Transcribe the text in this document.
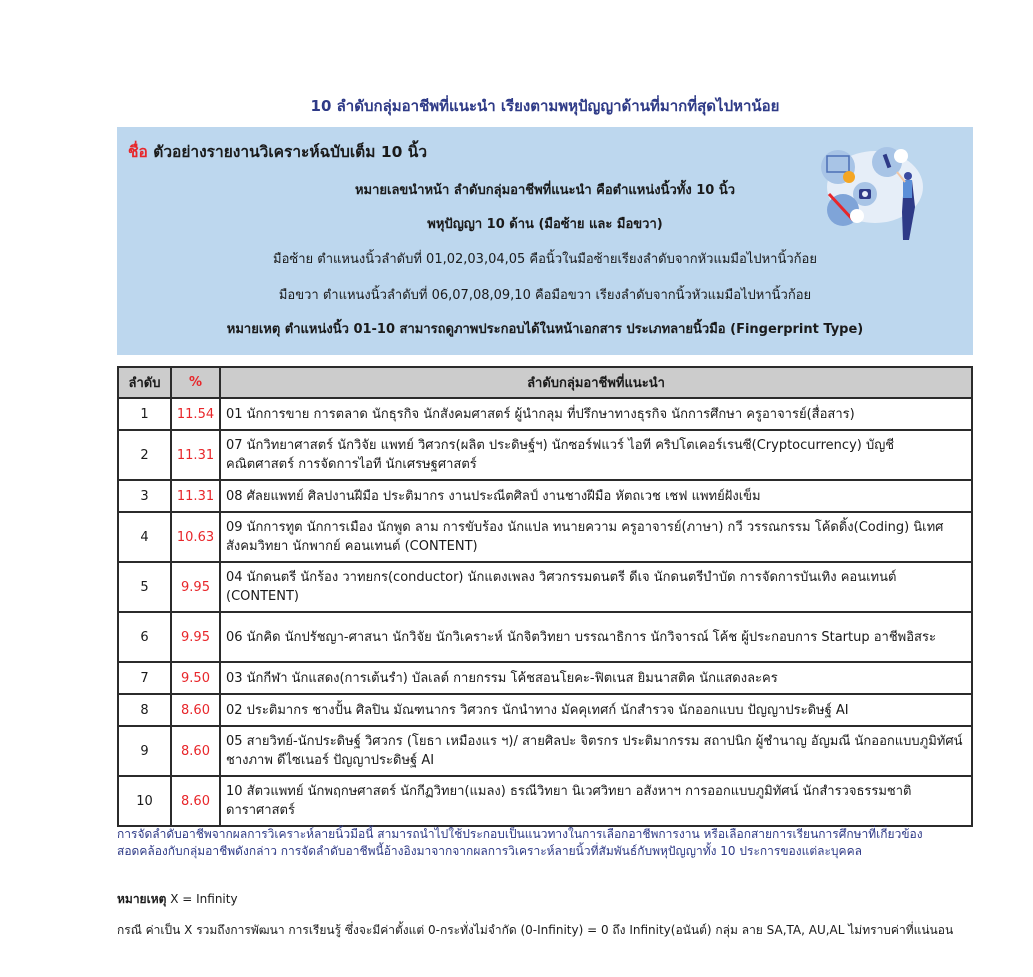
10 ลำดับกลุ่มอาชีพที่แนะนำ เรียงตามพหุปัญญาด้านที่มากที่สุดไปหาน้อย
ชื่อ ตัวอย่างรายงานวิเคราะห์ฉบับเต็ม 10 นิ้ว
หมายเลขนำหน้า ลำดับกลุ่มอาชีพที่แนะนำ คือตำแหน่งนิ้วทั้ง 10 นิ้ว
พหุปัญญา 10 ด้าน (มือซ้าย และ มือขวา)
มือซ้าย ตำแหนงนิ้วลำดับที่ 01,02,03,04,05 คือนิ้วในมือซ้ายเรียงลำดับจากหัวแมมือไปหานิ้วก้อย
มือขวา ตำแหนงนิ้วลำดับที่ 06,07,08,09,10 คือมือขวา เรียงลำดับจากนิ้วหัวแมมือไปหานิ้วก้อย
หมายเหตุ ตำแหน่งนิ้ว 01-10 สามารถดูภาพประกอบได้ในหน้าเอกสาร ประเภทลายนิ้วมือ (Fingerprint Type)
ลำดับ	%	ลำดับกลุ่มอาชีพที่แนะนำ
1	11.54	01 นักการขาย การตลาด นักธุรกิจ นักสังคมศาสตร์ ผู้นำกลุม ที่ปรึกษาทางธุรกิจ นักการศึกษา ครูอาจารย์(สื่อสาร)
2	11.31	07 นักวิทยาศาสตร์ นักวิจัย แพทย์ วิศวกร(ผลิต ประดิษฐ์ฯ) นักซอร์ฟแวร์ ไอที คริปโตเคอร์เรนซี(Cryptocurrency) บัญชี คณิตศาสตร์ การจัดการไอที นักเศรษฐศาสตร์
3	11.31	08 ศัลยแพทย์ ศิลปงานฝีมือ ประติมากร งานประณีตศิลป์ งานชางฝีมือ หัตถเวช เชฟ แพทย์ฝังเข็ม
4	10.63	09 นักการทูต นักการเมือง นักพูด ลาม การขับร้อง นักแปล ทนายความ ครูอาจารย์(ภาษา) กวี วรรณกรรม โค้ดดิ้ง(Coding) นิเทศ สังคมวิทยา นักพากย์ คอนเทนต์ (CONTENT)
5	9.95	04 นักดนตรี นักร้อง วาทยกร(conductor) นักแตงเพลง วิศวกรรมดนตรี ดีเจ นักดนตรีบำบัด การจัดการบันเทิง คอนเทนต์ (CONTENT)
6	9.95	06 นักคิด นักปรัชญา-ศาสนา นักวิจัย นักวิเคราะห์ นักจิตวิทยา บรรณาธิการ นักวิจารณ์ โค้ช ผู้ประกอบการ Startup อาชีพอิสระ
7	9.50	03 นักกีฬา นักแสดง(การเต้นรำ) บัลเลต์ กายกรรม โค้ชสอนโยคะ-ฟิตเนส ยิมนาสติค นักแสดงละคร
8	8.60	02 ประติมากร ชางปั้น ศิลปิน มัณฑนากร วิศวกร นักนำทาง มัคคุเทศก์ นักสำรวจ นักออกแบบ ปัญญาประดิษฐ์ AI
9	8.60	05 สายวิทย์-นักประดิษฐ์ วิศวกร (โยธา เหมืองแร ฯ)/ สายศิลปะ จิตรกร ประติมากรรม สถาปนิก ผู้ชำนาญ อัญมณี นักออกแบบภูมิทัศน์ ชางภาพ ดีไซเนอร์ ปัญญาประดิษฐ์ AI
10	8.60	10 สัตวแพทย์ นักพฤกษศาสตร์ นักกีฏวิทยา(แมลง) ธรณีวิทยา นิเวศวิทยา อสังหาฯ การออกแบบภูมิทัศน์ นักสำรวจธรรมชาติ ดาราศาสตร์
การจัดลำดับอาชีพจากผลการวิเคราะห์ลายนิ้วมือนี้ สามารถนำไปใช้ประกอบเป็นแนวทางในการเลือกอาชีพการงาน หรือเลือกสายการเรียนการศึกษาที่เกี่ยวข้องสอดคล้องกับกลุ่มอาชีพดังกล่าว การจัดลำดับอาชีพนี้อ้างอิงมาจากจากผลการวิเคราะห์ลายนิ้วที่สัมพันธ์กับพหุปัญญาทั้ง 10 ประการของแต่ละบุคคล
หมายเหตุ X = Infinity
กรณี ค่าเป็น X รวมถึงการพัฒนา การเรียนรู้ ซึ่งจะมีค่าตั้งแต่ 0-กระทั่งไม่จำกัด (0-Infinity) = 0 ถึง Infinity(อนันต์) กลุ่ม ลาย SA,TA, AU,AL ไม่ทราบค่าที่แน่นอน
